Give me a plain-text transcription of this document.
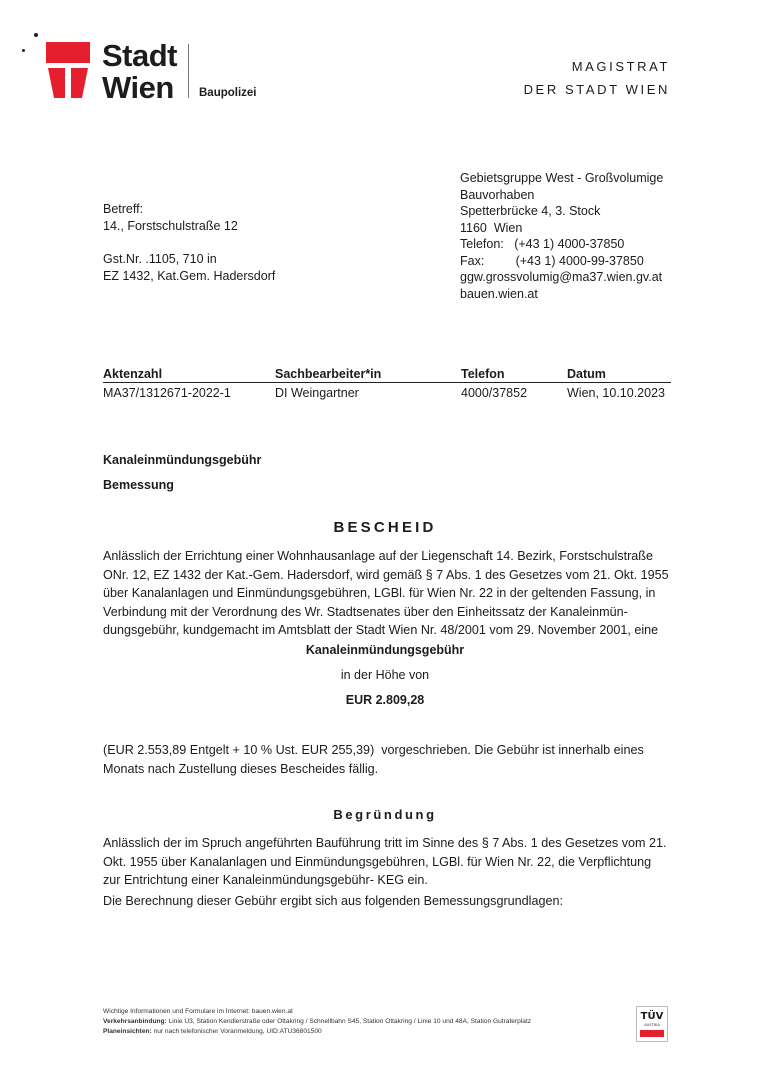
Stadt
Wien Baupolizei
MAGISTRAT
DER STADT WIEN
Betreff:
14., Forstschulstraße 12
Gst.Nr. .1105, 710 in
EZ 1432, Kat.Gem. Hadersdorf
Gebietsgruppe West - Großvolumige
Bauvorhaben
Spetterbrücke 4, 3. Stock
1160  Wien
Telefon:   (+43 1) 4000-37850
Fax:         (+43 1) 4000-99-37850
ggw.grossvolumig@ma37.wien.gv.at
bauen.wien.at
Aktenzahl	Sachbearbeiter*in	Telefon	Datum
MA37/1312671-2022-1	DI Weingartner	4000/37852	Wien, 10.10.2023
Kanaleinmündungsgebühr
Bemessung
BESCHEID
Anlässlich der Errichtung einer Wohnhausanlage auf der Liegenschaft 14. Bezirk, Forstschulstraße
ONr. 12, EZ 1432 der Kat.-Gem. Hadersdorf, wird gemäß § 7 Abs. 1 des Gesetzes vom 21. Okt. 1955
über Kanalanlagen und Einmündungsgebühren, LGBl. für Wien Nr. 22 in der geltenden Fassung, in
Verbindung mit der Verordnung des Wr. Stadtsenates über den Einheitssatz der Kanaleinmün-
dungsgebühr, kundgemacht im Amtsblatt der Stadt Wien Nr. 48/2001 vom 29. November 2001, eine
Kanaleinmündungsgebühr
in der Höhe von
EUR 2.809,28
(EUR 2.553,89 Entgelt + 10 % Ust. EUR 255,39)  vorgeschrieben. Die Gebühr ist innerhalb eines
Monats nach Zustellung dieses Bescheides fällig.
Begründung
Anlässlich der im Spruch angeführten Bauführung tritt im Sinne des § 7 Abs. 1 des Gesetzes vom 21.
Okt. 1955 über Kanalanlagen und Einmündungsgebühren, LGBl. für Wien Nr. 22, die Verpflichtung
zur Entrichtung einer Kanaleinmündungsgebühr- KEG ein.
Die Berechnung dieser Gebühr ergibt sich aus folgenden Bemessungsgrundlagen:
Wichtige Informationen und Formulare im Internet: bauen.wien.at
Verkehrsanbindung: Linie U3, Station Kendlerstraße oder Ottakring / Schnellbahn S45, Station Ottakring / Linie 10 und 48A, Station Gutraterplatz
Planeinsichten: nur nach telefonischer Voranmeldung, UID:ATU36801500
TÜV
AUSTRIA
